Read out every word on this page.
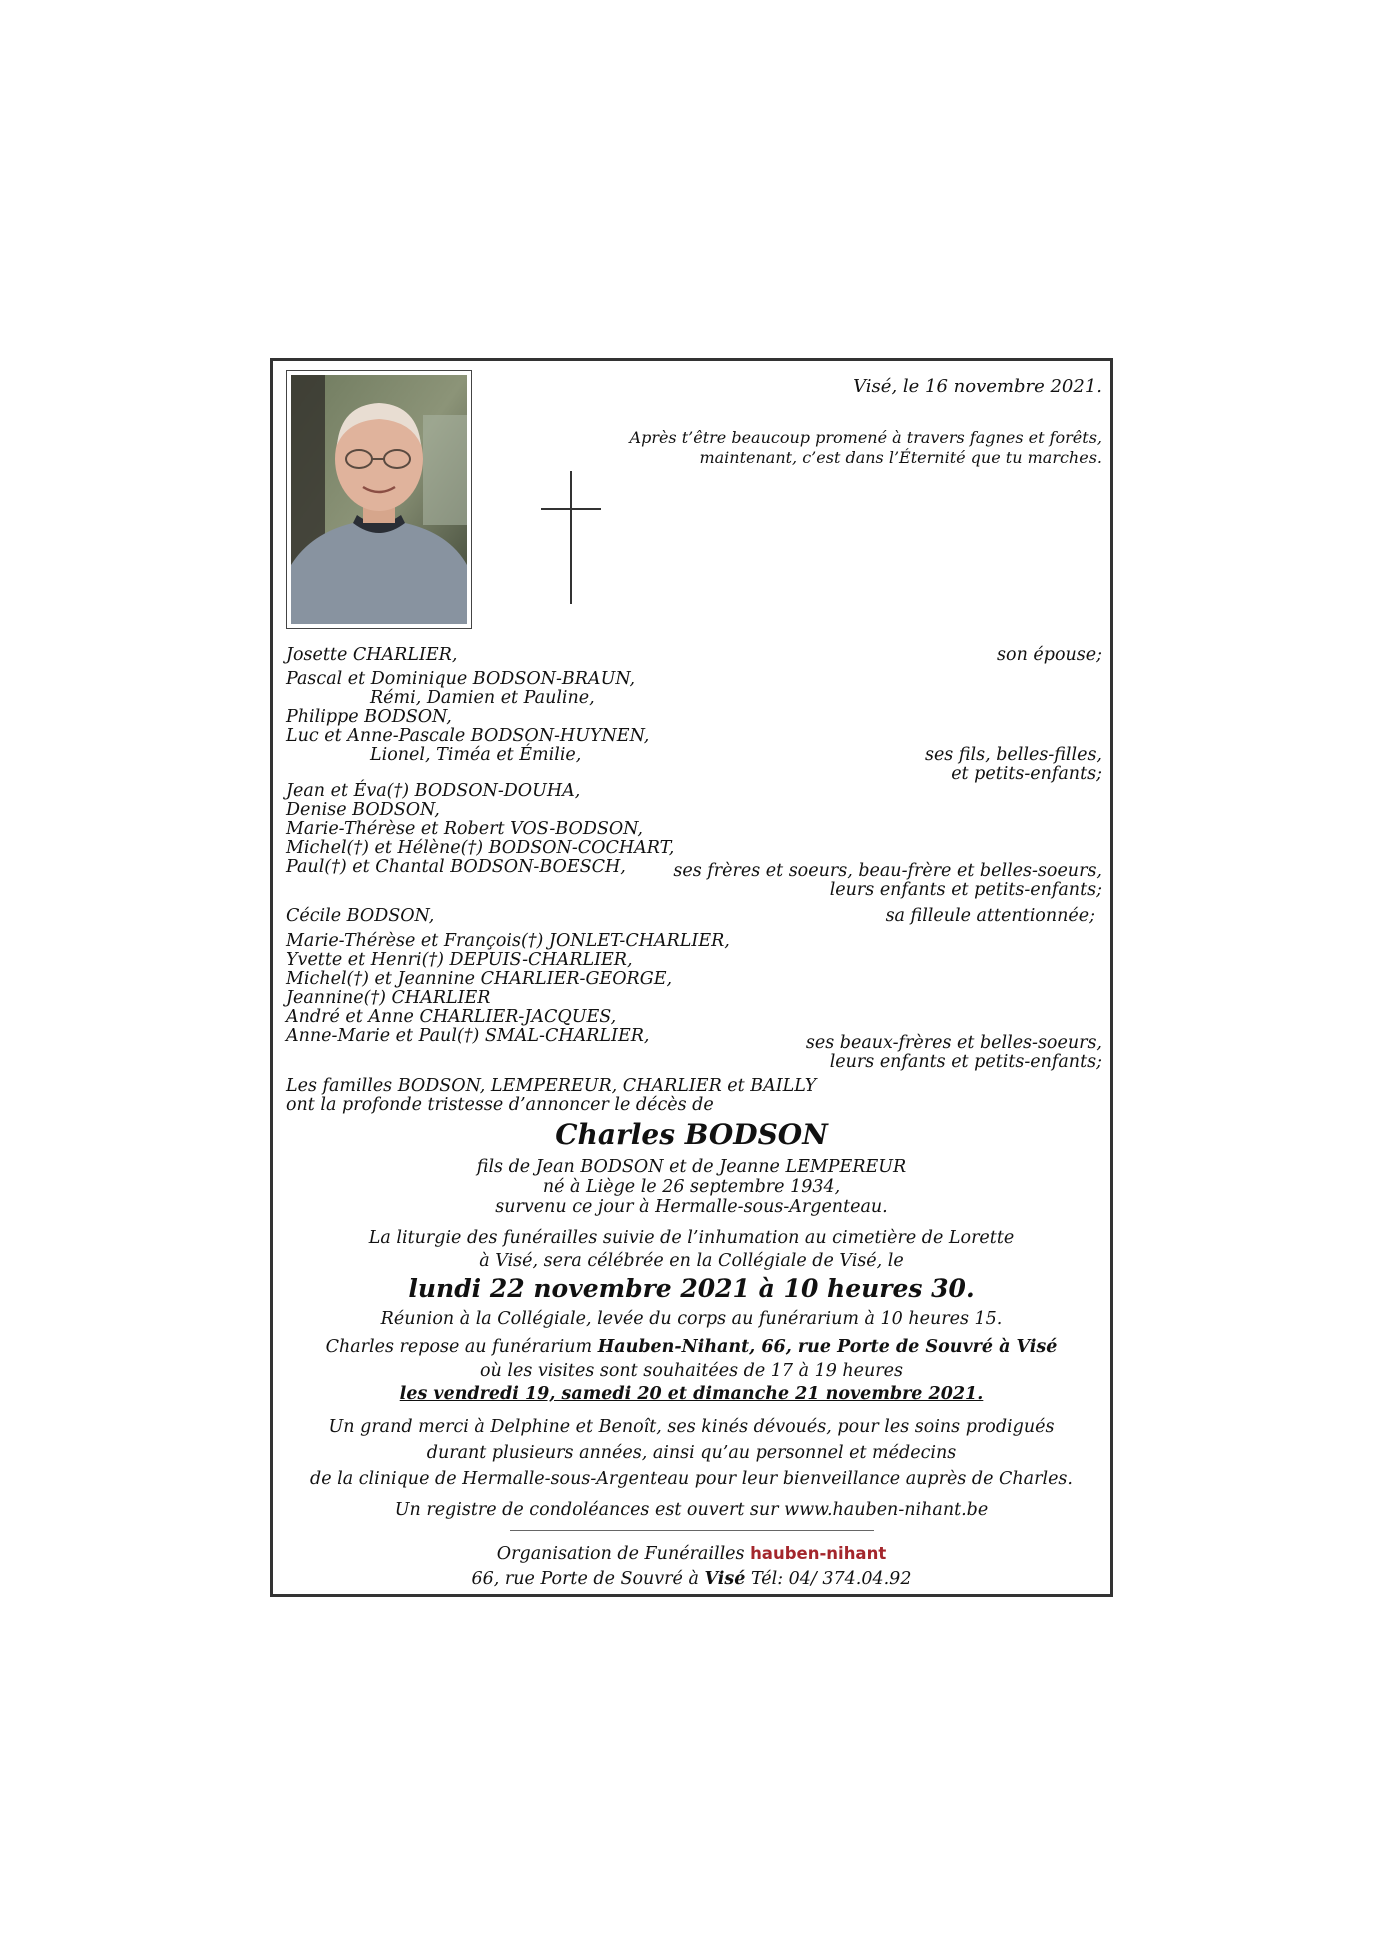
Visé, le 16 novembre 2021.
Après t’être beaucoup promené à travers fagnes et forêts,
maintenant, c’est dans l’Éternité que tu marches.
Josette CHARLIER,	son épouse;
Pascal et Dominique BODSON-BRAUN,
Rémi, Damien et Pauline,
Philippe BODSON,
Luc et Anne-Pascale BODSON-HUYNEN,
Lionel, Timéa et Émilie,	ses fils, belles-filles,
et petits-enfants;
Jean et Éva(†) BODSON-DOUHA,
Denise BODSON,
Marie-Thérèse et Robert VOS-BODSON,
Michel(†) et Hélène(†) BODSON-COCHART,
Paul(†) et Chantal BODSON-BOESCH,	ses frères et soeurs, beau-frère et belles-soeurs,
leurs enfants et petits-enfants;
Cécile BODSON,	sa filleule attentionnée;
Marie-Thérèse et François(†) JONLET-CHARLIER,
Yvette et Henri(†) DEPUIS-CHARLIER,
Michel(†) et Jeannine CHARLIER-GEORGE,
Jeannine(†) CHARLIER
André et Anne CHARLIER-JACQUES,
Anne-Marie et Paul(†) SMAL-CHARLIER,	ses beaux-frères et belles-soeurs,
leurs enfants et petits-enfants;
Les familles BODSON, LEMPEREUR, CHARLIER et BAILLY
ont la profonde tristesse d’annoncer le décès de
Charles BODSON
fils de Jean BODSON et de Jeanne LEMPEREUR
né à Liège le 26 septembre 1934,
survenu ce jour à Hermalle-sous-Argenteau.
La liturgie des funérailles suivie de l’inhumation au cimetière de Lorette
à Visé, sera célébrée en la Collégiale de Visé, le
lundi 22 novembre 2021 à 10 heures 30.
Réunion à la Collégiale, levée du corps au funérarium à 10 heures 15.
Charles repose au funérarium Hauben-Nihant, 66, rue Porte de Souvré à Visé
où les visites sont souhaitées de 17 à 19 heures
les vendredi 19, samedi 20 et dimanche 21 novembre 2021.
Un grand merci à Delphine et Benoît, ses kinés dévoués, pour les soins prodigués
durant plusieurs années, ainsi qu’au personnel et médecins
de la clinique de Hermalle-sous-Argenteau pour leur bienveillance auprès de Charles.
Un registre de condoléances est ouvert sur www.hauben-nihant.be
Organisation de Funérailles hauben-nihant
66, rue Porte de Souvré à Visé Tél: 04/ 374.04.92
